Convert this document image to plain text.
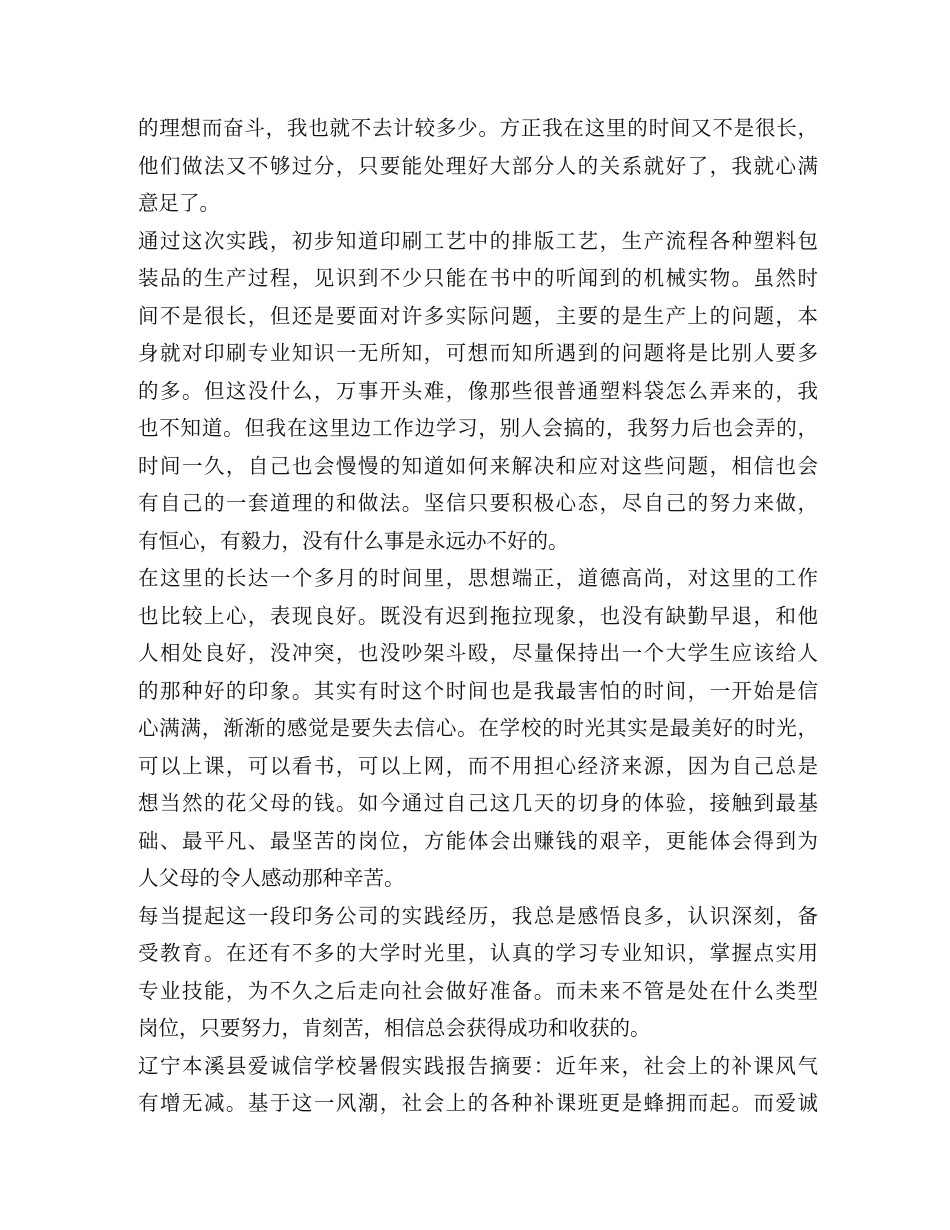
的理想而奋斗，我也就不去计较多少。方正我在这里的时间又不是很长，
他们做法又不够过分，只要能处理好大部分人的关系就好了，我就心满
意足了。
通过这次实践，初步知道印刷工艺中的排版工艺，生产流程各种塑料包
装品的生产过程，见识到不少只能在书中的听闻到的机械实物。虽然时
间不是很长，但还是要面对许多实际问题，主要的是生产上的问题，本
身就对印刷专业知识一无所知，可想而知所遇到的问题将是比别人要多
的多。但这没什么，万事开头难，像那些很普通塑料袋怎么弄来的，我
也不知道。但我在这里边工作边学习，别人会搞的，我努力后也会弄的，
时间一久，自己也会慢慢的知道如何来解决和应对这些问题，相信也会
有自己的一套道理的和做法。坚信只要积极心态，尽自己的努力来做，
有恒心，有毅力，没有什么事是永远办不好的。
在这里的长达一个多月的时间里，思想端正，道德高尚，对这里的工作
也比较上心，表现良好。既没有迟到拖拉现象，也没有缺勤早退，和他
人相处良好，没冲突，也没吵架斗殴，尽量保持出一个大学生应该给人
的那种好的印象。其实有时这个时间也是我最害怕的时间，一开始是信
心满满，渐渐的感觉是要失去信心。在学校的时光其实是最美好的时光，
可以上课，可以看书，可以上网，而不用担心经济来源，因为自己总是
想当然的花父母的钱。如今通过自己这几天的切身的体验，接触到最基
础、最平凡、最坚苦的岗位，方能体会出赚钱的艰辛，更能体会得到为
人父母的令人感动那种辛苦。
每当提起这一段印务公司的实践经历，我总是感悟良多，认识深刻，备
受教育。在还有不多的大学时光里，认真的学习专业知识，掌握点实用
专业技能，为不久之后走向社会做好准备。而未来不管是处在什么类型
岗位，只要努力，肯刻苦，相信总会获得成功和收获的。
辽宁本溪县爱诚信学校暑假实践报告摘要：近年来，社会上的补课风气
有增无减。基于这一风潮，社会上的各种补课班更是蜂拥而起。而爱诚
